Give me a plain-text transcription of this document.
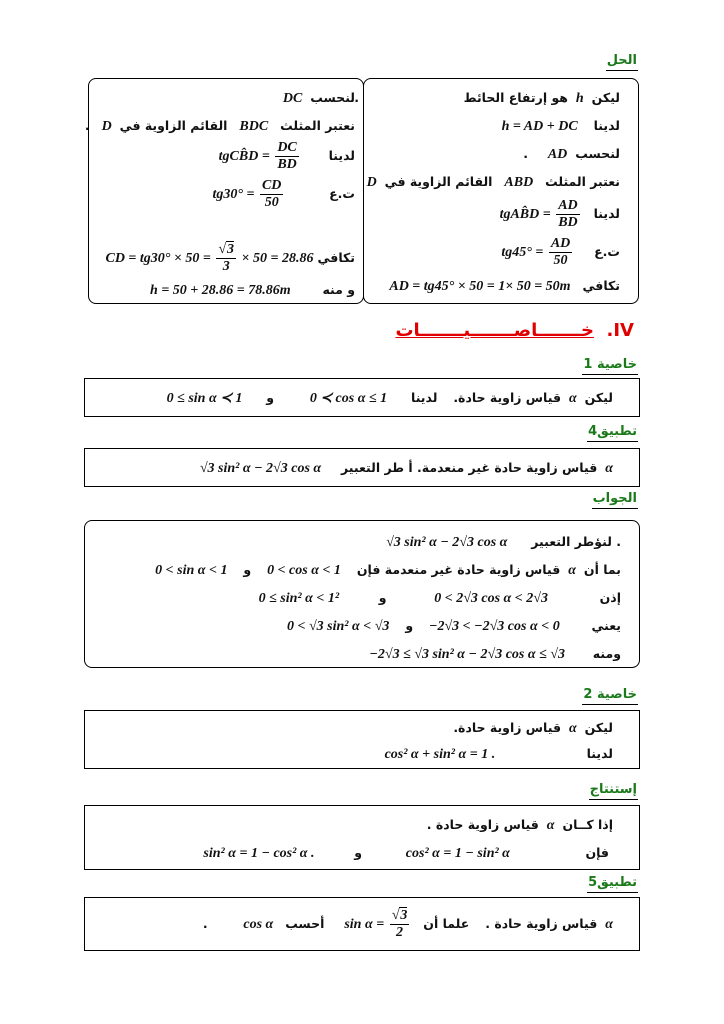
الحل
ليكن  h  هو إرتفاع الحائط
لدينا    h = AD + DC
لنحسب  AD     .
نعتبر المثلث   ABD   القائم الزاوية في  D
لدينا   tgAB̂D = $\frac{AD}{BD}$
ت.ع     $tg45^\circ = \frac{AD}{50}$
تكافي   AD = tg45° × 50 = 1× 50 = 50m
لنحسب  DC	.
نعتبر المثلث   BDC   القائم الزاوية في  D   .
لدينا       tgCB̂D = $\frac{DC}{BD}$
ت.ع           $tg30^\circ = \frac{CD}{50}$
تكافي CD = $tg30^\circ \times 50 = \frac{√3}{3} \times 50 = 28.86$
و منه        h = 50 + 28.86 = 78.86m
IV.  خـــــــاصـــــــيـــــــات
خاصية 1
ليكن  α  قياس زاوية حادة.    لدينا      0 ≺ cos α ≤ 1         و      0 ≤ sin α ≺ 1
تطبيق4
α  قياس زاوية حادة غير منعدمة. أ طر التعبير     √3 sin² α − 2√3 cos α
الجواب
. لنؤطر التعبير      √3 sin² α − 2√3 cos α
بما أن  α  قياس زاوية حادة غير منعدمة فإن    0 < cos α < 1    و    0 < sin α < 1
إذن             0 < 2√3 cos α < 2√3            و          0 ≤ sin² α < 1²
يعني        −2√3 < −2√3 cos α < 0    و    0 < √3 sin² α < √3
ومنه       −2√3 ≤ √3 sin² α − 2√3 cos α ≤ √3
خاصية 2
ليكن  α  قياس زاوية حادة.
لدينا                       cos² α + sin² α = 1 .
إستنتاج
إذا كــان  α  قياس زاوية حادة .
فإن                   cos² α = 1 − sin² α           و          sin² α = 1 − cos² α .
تطبيق5
α  قياس زاوية حادة .    علما أن   $\sin \alpha = \frac{√3}{2}$
أحسب   cos α         .
